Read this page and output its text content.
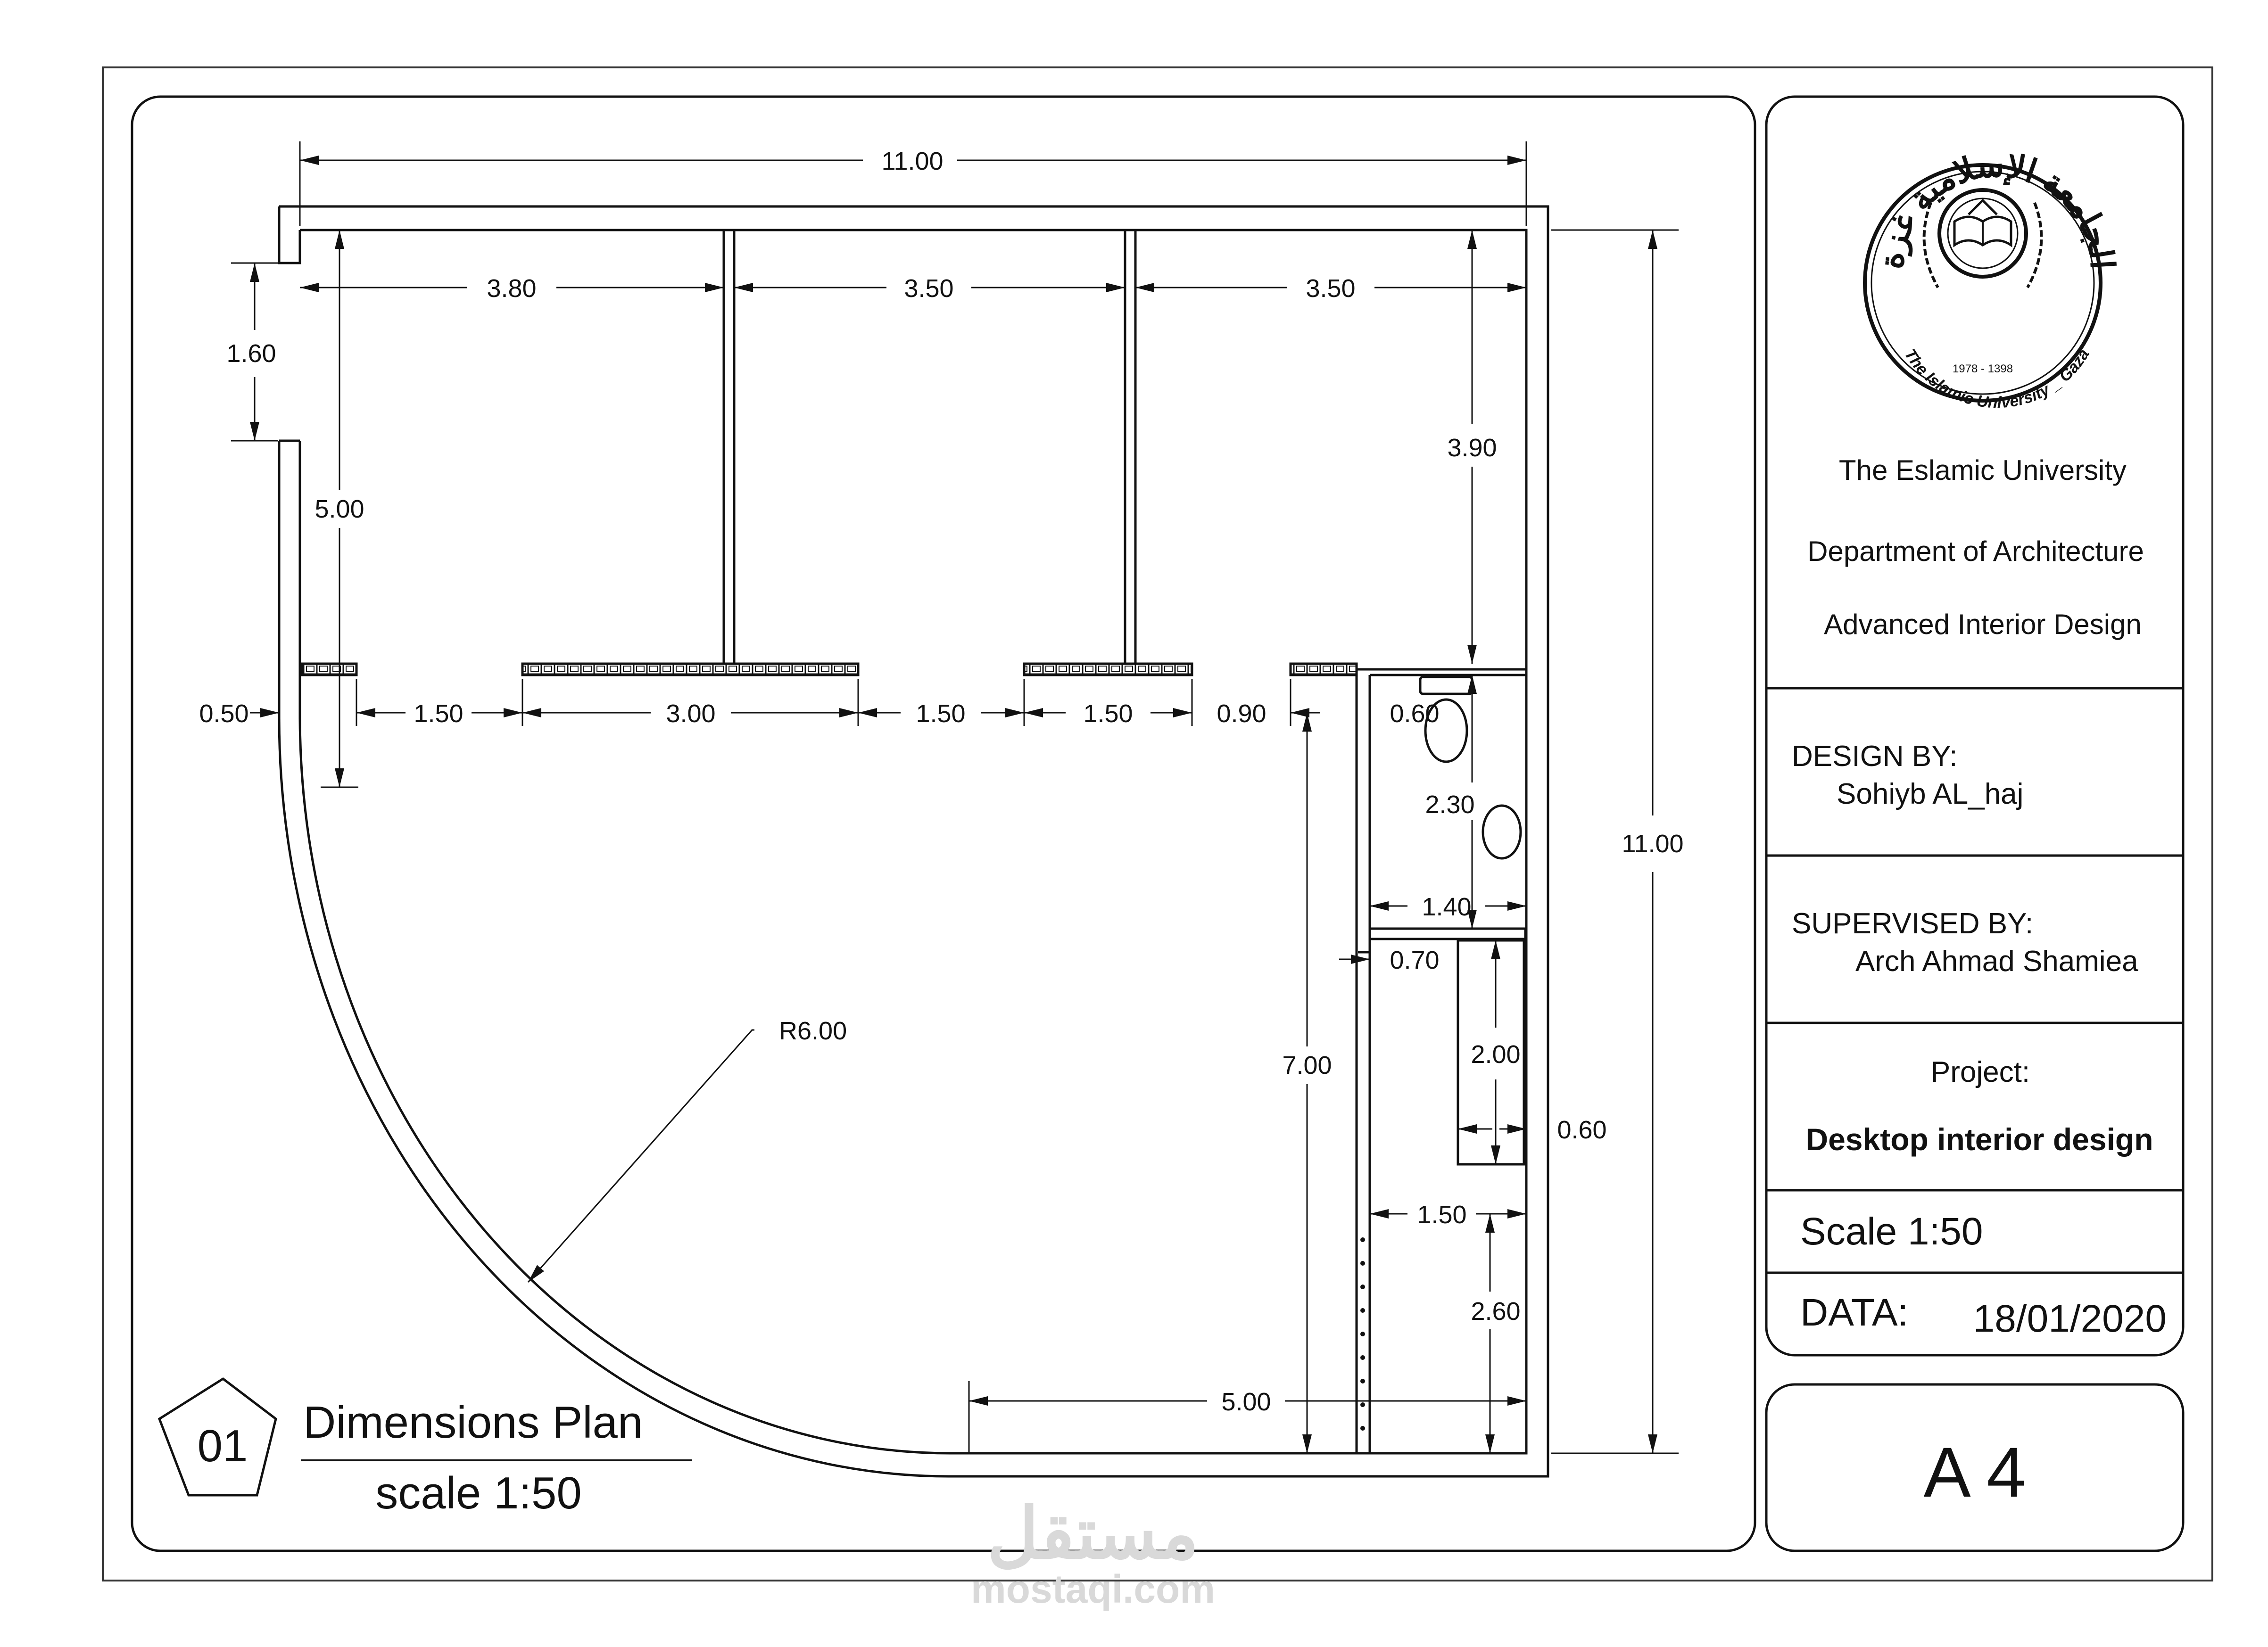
الجامعة الإسلامية غزة
The Islamic University _ Gaza
1978 - 1398
The Eslamic University
Department of Architecture
Advanced Interior Design
DESIGN BY:
Sohiyb AL_haj
SUPERVISED BY:
Arch Ahmad Shamiea
Project:
Desktop interior design
Scale 1:50
DATA: 18/01/2020
A 4
11.00
3.80	3.50	3.50
1.60
5.00
3.90
0.50	1.50	3.00	1.50	1.50	0.90	0.60
2.30
1.40
0.70
7.00	2.00
0.60
1.50
2.60
5.00
11.00
R6.00
01 Dimensions Plan
scale 1:50
مستقل
mostaqi.com
